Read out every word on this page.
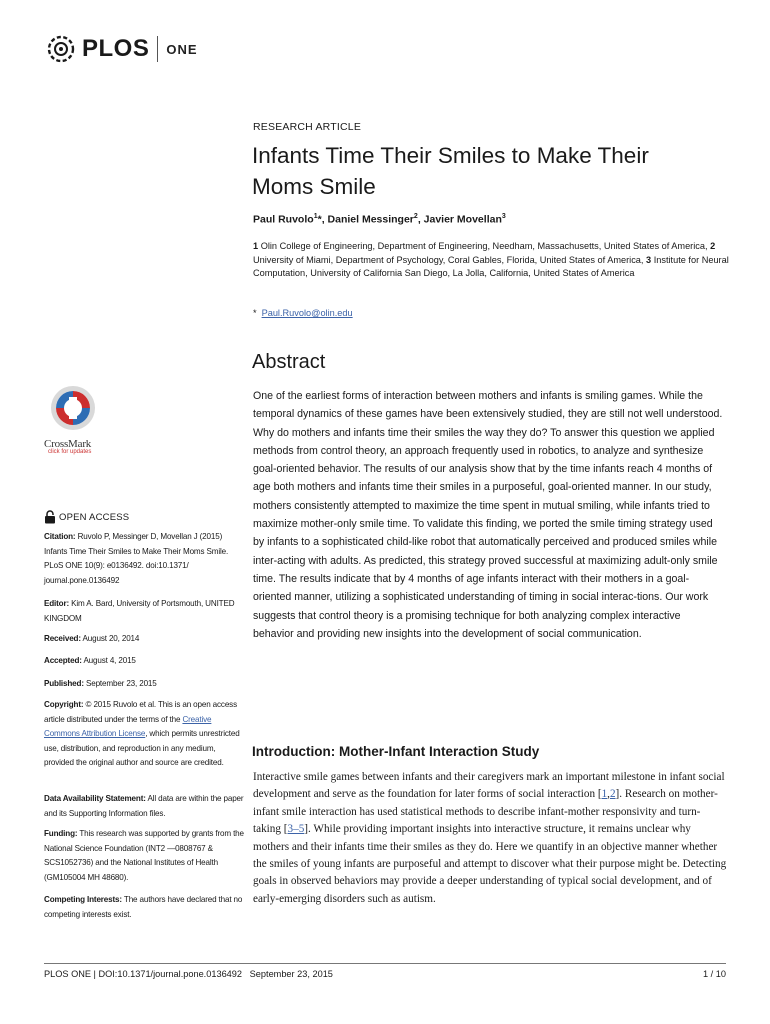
PLOS ONE
RESEARCH ARTICLE
Infants Time Their Smiles to Make Their Moms Smile
Paul Ruvolo$^1$*, Daniel Messinger$^2$, Javier Movellan$^3$
1 Olin College of Engineering, Department of Engineering, Needham, Massachusetts, United States of America, 2 University of Miami, Department of Psychology, Coral Gables, Florida, United States of America, 3 Institute for Neural Computation, University of California San Diego, La Jolla, California, United States of America
* Paul.Ruvolo@olin.edu
Abstract
One of the earliest forms of interaction between mothers and infants is smiling games. While the temporal dynamics of these games have been extensively studied, they are still not well understood. Why do mothers and infants time their smiles the way they do? To answer this question we applied methods from control theory, an approach frequently used in robotics, to analyze and synthesize goal-oriented behavior. The results of our analysis show that by the time infants reach 4 months of age both mothers and infants time their smiles in a purposeful, goal-oriented manner. In our study, mothers consistently attempted to maximize the time spent in mutual smiling, while infants tried to maximize mother-only smile time. To validate this finding, we ported the smile timing strategy used by infants to a sophisticated child-like robot that automatically perceived and produced smiles while inter-acting with adults. As predicted, this strategy proved successful at maximizing adult-only smile time. The results indicate that by 4 months of age infants interact with their mothers in a goal-oriented manner, utilizing a sophisticated understanding of timing in social interac-tions. Our work suggests that control theory is a promising technique for both analyzing complex interactive behavior and providing new insights into the development of social communication.
CrossMark
click for updates
OPEN ACCESS
Citation: Ruvolo P, Messinger D, Movellan J (2015) Infants Time Their Smiles to Make Their Moms Smile. PLoS ONE 10(9): e0136492. doi:10.1371/ journal.pone.0136492
Editor: Kim A. Bard, University of Portsmouth, UNITED KINGDOM
Received: August 20, 2014
Accepted: August 4, 2015
Published: September 23, 2015
Copyright: © 2015 Ruvolo et al. This is an open access article distributed under the terms of the Creative Commons Attribution License, which permits unrestricted use, distribution, and reproduction in any medium, provided the original author and source are credited.
Data Availability Statement: All data are within the paper and its Supporting Information files.
Funding: This research was supported by grants from the National Science Foundation (INT2 —0808767 & SCS1052736) and the National Institutes of Health (GM105004 MH 48680).
Competing Interests: The authors have declared that no competing interests exist.
Introduction: Mother-Infant Interaction Study
Interactive smile games between infants and their caregivers mark an important milestone in infant social development and serve as the foundation for later forms of social interaction [1,2]. Research on mother-infant smile interaction has used statistical methods to describe infant-mother responsivity and turn-taking [3–5]. While providing important insights into interactive structure, it remains unclear why mothers and their infants time their smiles as they do. Here we quantify in an objective manner whether the smiles of young infants are purposeful and attempt to discover what their purpose might be. Detecting goals in observed behaviors may provide a deeper understanding of typical social development, and of early-emerging disorders such as autism.
PLOS ONE | DOI:10.1371/journal.pone.0136492   September 23, 2015	1 / 10
